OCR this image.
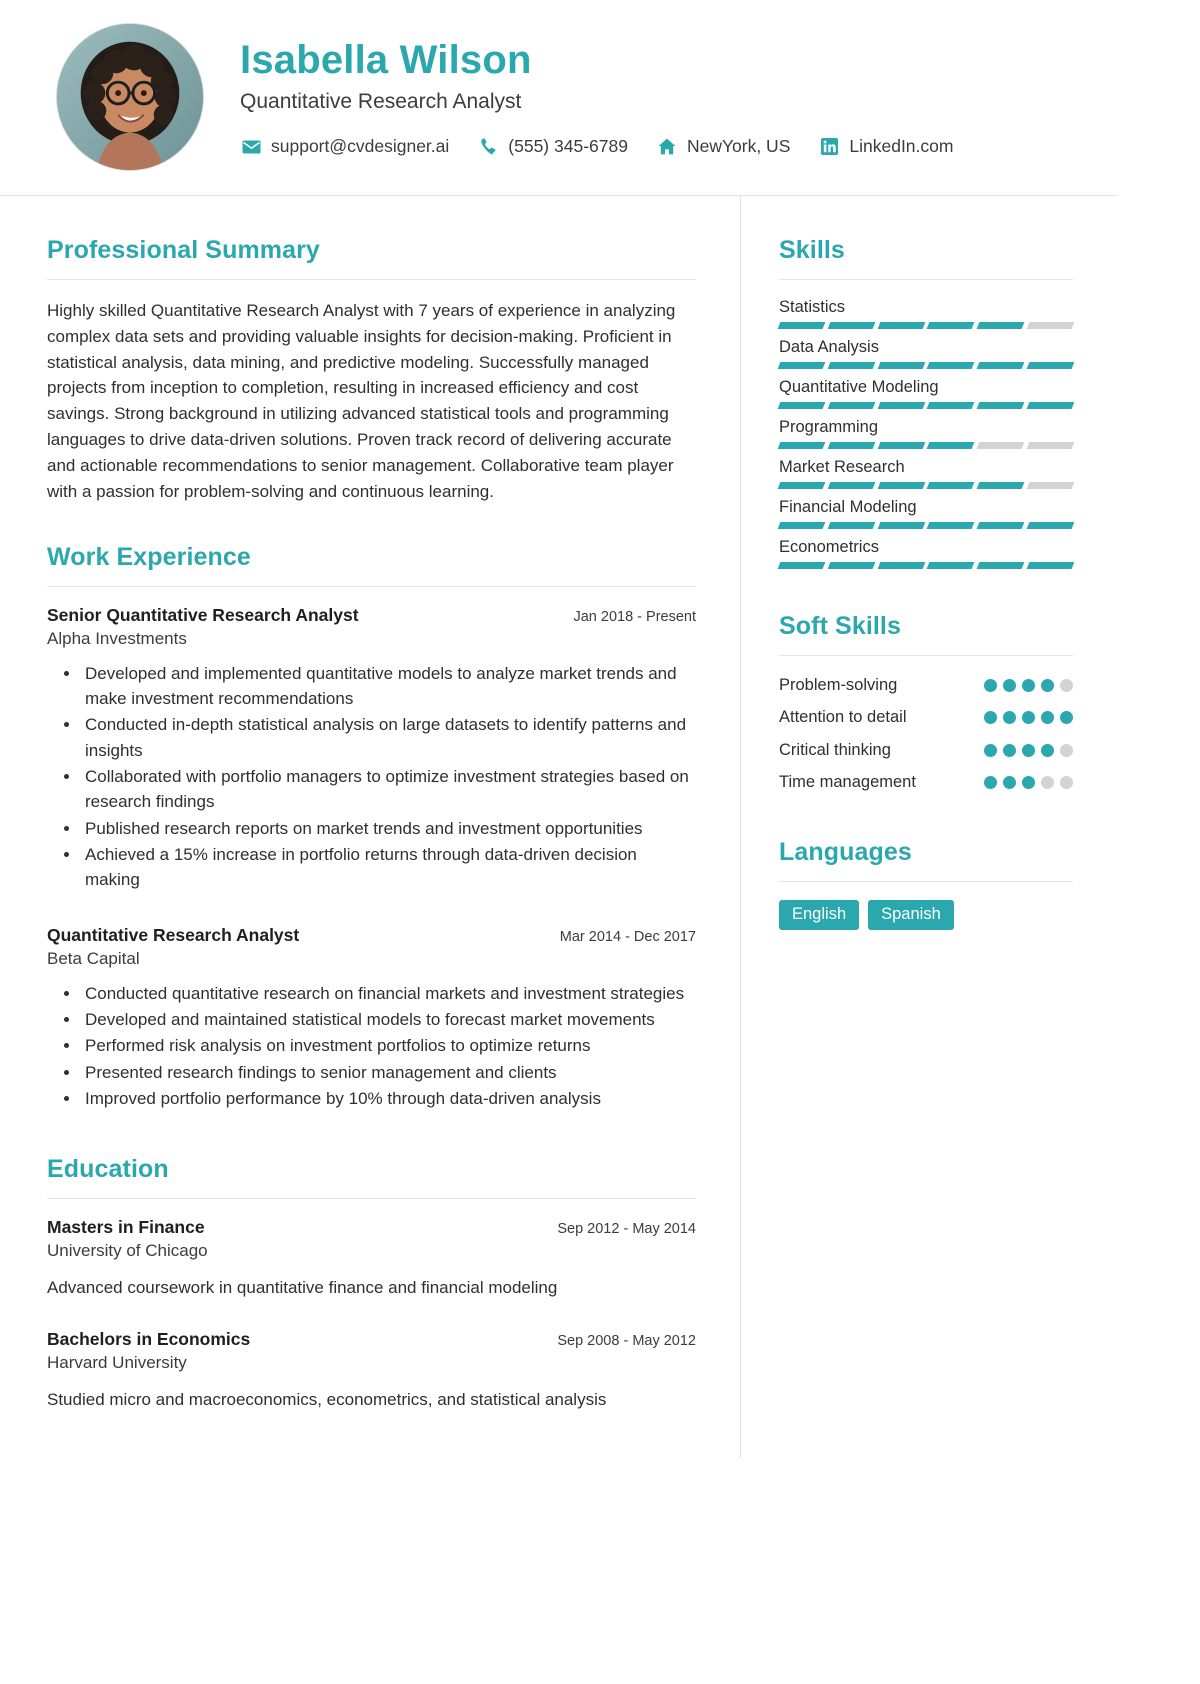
Isabella Wilson
Quantitative Research Analyst
support@cvdesigner.ai	(555) 345-6789	NewYork, US	LinkedIn.com
Professional Summary
Highly skilled Quantitative Research Analyst with 7 years of experience in analyzing complex data sets and providing valuable insights for decision-making. Proficient in statistical analysis, data mining, and predictive modeling. Successfully managed projects from inception to completion, resulting in increased efficiency and cost savings. Strong background in utilizing advanced statistical tools and programming languages to drive data-driven solutions. Proven track record of delivering accurate and actionable recommendations to senior management. Collaborative team player with a passion for problem-solving and continuous learning.
Work Experience
Senior Quantitative Research Analyst	Jan 2018 - Present
Alpha Investments
• Developed and implemented quantitative models to analyze market trends and make investment recommendations
• Conducted in-depth statistical analysis on large datasets to identify patterns and insights
• Collaborated with portfolio managers to optimize investment strategies based on research findings
• Published research reports on market trends and investment opportunities
• Achieved a 15% increase in portfolio returns through data-driven decision making
Quantitative Research Analyst	Mar 2014 - Dec 2017
Beta Capital
• Conducted quantitative research on financial markets and investment strategies
• Developed and maintained statistical models to forecast market movements
• Performed risk analysis on investment portfolios to optimize returns
• Presented research findings to senior management and clients
• Improved portfolio performance by 10% through data-driven analysis
Education
Masters in Finance	Sep 2012 - May 2014
University of Chicago
Advanced coursework in quantitative finance and financial modeling
Bachelors in Economics	Sep 2008 - May 2012
Harvard University
Studied micro and macroeconomics, econometrics, and statistical analysis
Skills
Statistics
Data Analysis
Quantitative Modeling
Programming
Market Research
Financial Modeling
Econometrics
Soft Skills
Problem-solving
Attention to detail
Critical thinking
Time management
Languages
English	Spanish
